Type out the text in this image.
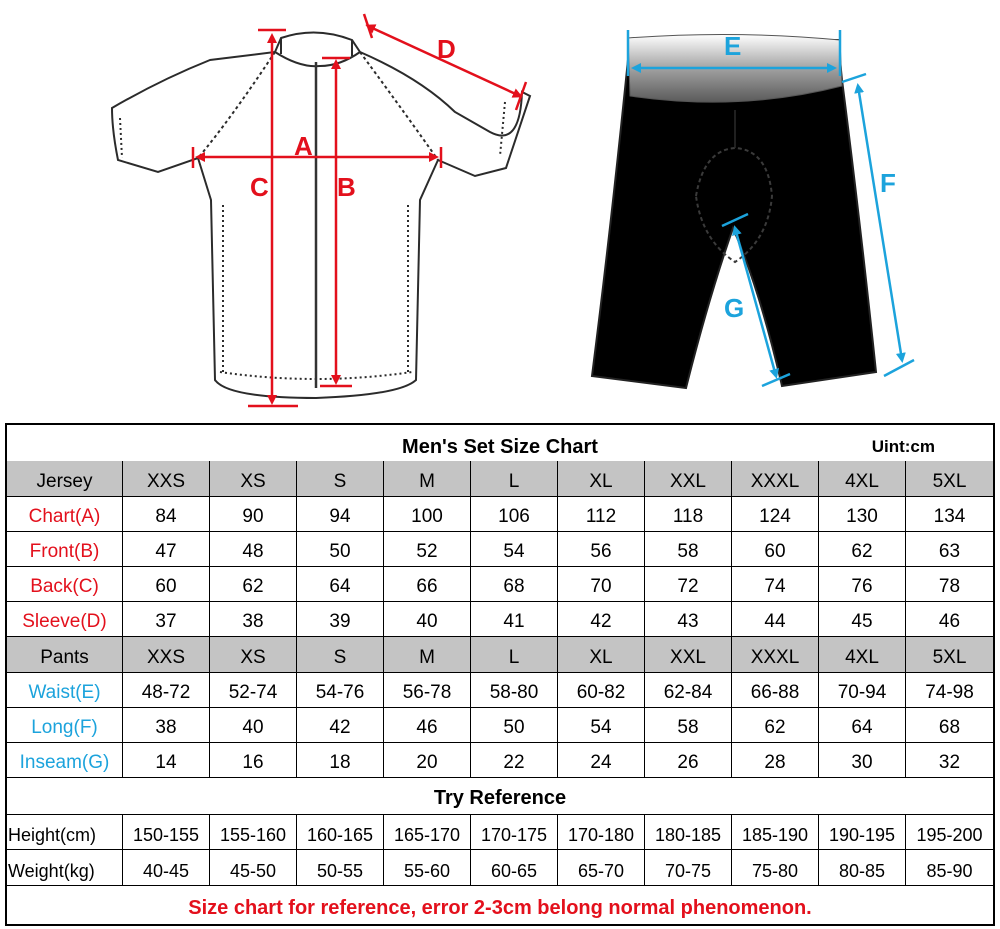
A
B
C
D	E
F
G
Men's Set Size Chart	Uint:cm
Try Reference
Size chart for reference, error 2-3cm belong normal phenomenon.
Jersey	XXS	XS	S	M	L	XL	XXL	XXXL	4XL	5XL
Chart(A)	84	90	94	100	106	112	118	124	130	134
Front(B)	47	48	50	52	54	56	58	60	62	63
Back(C)	60	62	64	66	68	70	72	74	76	78
Sleeve(D)	37	38	39	40	41	42	43	44	45	46
Pants	XXS	XS	S	M	L	XL	XXL	XXXL	4XL	5XL
Waist(E)	48-72	52-74	54-76	56-78	58-80	60-82	62-84	66-88	70-94	74-98
Long(F)	38	40	42	46	50	54	58	62	64	68
Inseam(G)	14	16	18	20	22	24	26	28	30	32
Height(cm)	150-155	155-160	160-165	165-170	170-175	170-180	180-185	185-190	190-195	195-200
Weight(kg)	40-45	45-50	50-55	55-60	60-65	65-70	70-75	75-80	80-85	85-90
